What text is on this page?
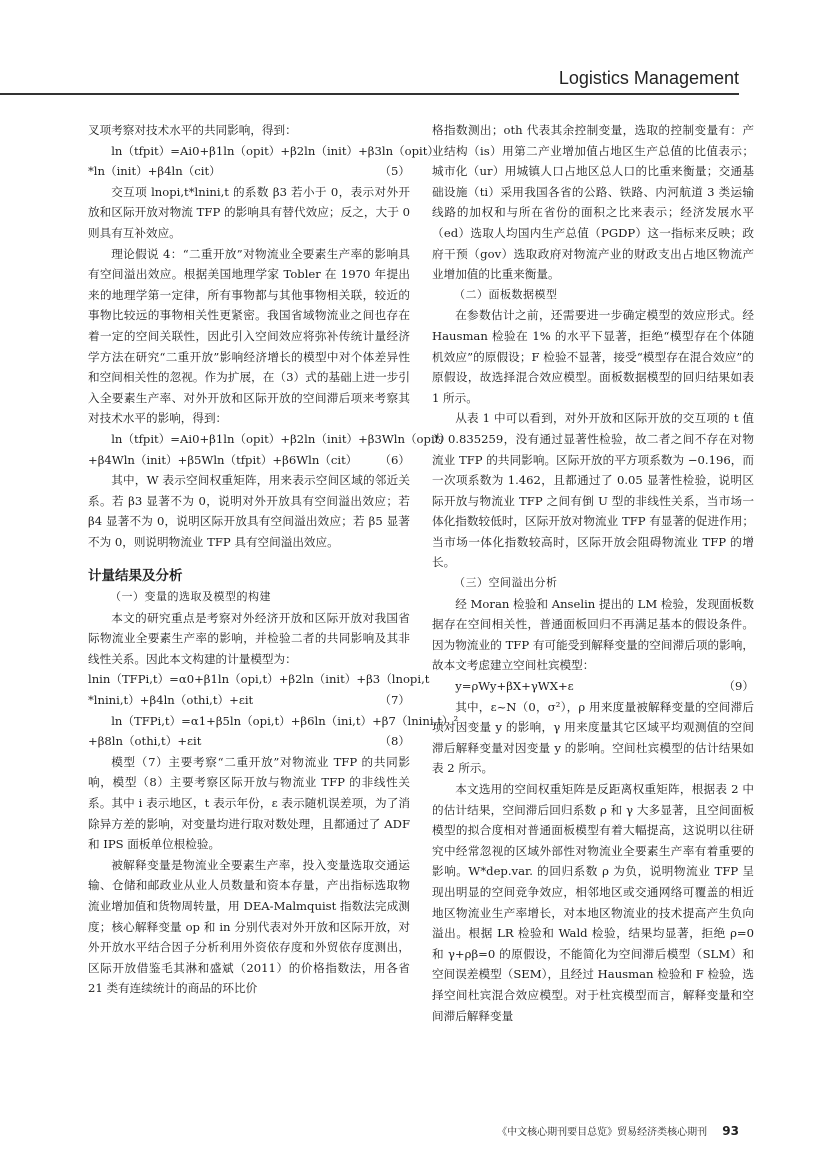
Logistics Management

叉项考察对技术水平的共同影响，得到：

ln（tfpit）=Ai0+β1ln（opit）+β2ln（init）+β3ln（opit）
*ln（init）+β4ln（cit）	（5）

交互项 lnopi,t*lnini,t 的系数 β3 若小于 0，表示对外开放和区际开放对物流 TFP 的影响具有替代效应；反之，大于 0 则具有互补效应。

理论假说 4：“二重开放”对物流业全要素生产率的影响具有空间溢出效应。根据美国地理学家 Tobler 在 1970 年提出来的地理学第一定律，所有事物都与其他事物相关联，较近的事物比较远的事物相关性更紧密。我国省域物流业之间也存在着一定的空间关联性，因此引入空间效应将弥补传统计量经济学方法在研究“二重开放”影响经济增长的模型中对个体差异性和空间相关性的忽视。作为扩展，在（3）式的基础上进一步引入全要素生产率、对外开放和区际开放的空间滞后项来考察其对技术水平的影响，得到：

ln（tfpit）=Ai0+β1ln（opit）+β2ln（init）+β3Wln（opit）
+β4Wln（init）+β5Wln（tfpit）+β6Wln（cit）	（6）

其中，W 表示空间权重矩阵，用来表示空间区域的邻近关系。若 β3 显著不为 0，说明对外开放具有空间溢出效应；若 β4 显著不为 0，说明区际开放具有空间溢出效应；若 β5 显著不为 0，则说明物流业 TFP 具有空间溢出效应。

计量结果及分析
（一）变量的选取及模型的构建

本文的研究重点是考察对外经济开放和区际开放对我国省际物流业全要素生产率的影响，并检验二者的共同影响及其非线性关系。因此本文构建的计量模型为：

lnin（TFPi,t）=α0+β1ln（opi,t）+β2ln（init）+β3（lnopi,t
*lnini,t）+β4ln（othi,t）+εit	（7）
ln（TFPi,t）=α1+β5ln（opi,t）+β6ln（ini,t）+β7（lnini,t）²
+β8ln（othi,t）+εit	（8）

模型（7）主要考察“二重开放”对物流业 TFP 的共同影响，模型（8）主要考察区际开放与物流业 TFP 的非线性关系。其中 i 表示地区，t 表示年份，ε 表示随机误差项，为了消除异方差的影响，对变量均进行取对数处理，且都通过了 ADF 和 IPS 面板单位根检验。

被解释变量是物流业全要素生产率，投入变量选取交通运输、仓储和邮政业从业人员数量和资本存量，产出指标选取物流业增加值和货物周转量，用 DEA-Malmquist 指数法完成测度；核心解释变量 op 和 in 分别代表对外开放和区际开放，对外开放水平结合因子分析利用外资依存度和外贸依存度测出，区际开放借鉴毛其淋和盛斌（2011）的价格指数法，用各省 21 类有连续统计的商品的环比价

格指数测出；oth 代表其余控制变量，选取的控制变量有：产业结构（is）用第二产业增加值占地区生产总值的比值表示；城市化（ur）用城镇人口占地区总人口的比重来衡量；交通基础设施（ti）采用我国各省的公路、铁路、内河航道 3 类运输线路的加权和与所在省份的面积之比来表示；经济发展水平（ed）选取人均国内生产总值（PGDP）这一指标来反映；政府干预（gov）选取政府对物流产业的财政支出占地区物流产业增加值的比重来衡量。

（二）面板数据模型

在参数估计之前，还需要进一步确定模型的效应形式。经 Hausman 检验在 1% 的水平下显著，拒绝“模型存在个体随机效应”的原假设；F 检验不显著，接受“模型存在混合效应”的原假设，故选择混合效应模型。面板数据模型的回归结果如表 1 所示。

从表 1 中可以看到，对外开放和区际开放的交互项的 t 值为 0.835259，没有通过显著性检验，故二者之间不存在对物流业 TFP 的共同影响。区际开放的平方项系数为 −0.196，而一次项系数为 1.462，且都通过了 0.05 显著性检验，说明区际开放与物流业 TFP 之间有倒 U 型的非线性关系，当市场一体化指数较低时，区际开放对物流业 TFP 有显著的促进作用；当市场一体化指数较高时，区际开放会阻碍物流业 TFP 的增长。

（三）空间溢出分析

经 Moran 检验和 Anselin 提出的 LM 检验，发现面板数据存在空间相关性，普通面板回归不再满足基本的假设条件。因为物流业的 TFP 有可能受到解释变量的空间滞后项的影响，故本文考虑建立空间杜宾模型：

y=ρWy+βX+γWX+ε	（9）

其中，ε~N（0，σ²），ρ 用来度量被解释变量的空间滞后项对因变量 y 的影响，γ 用来度量其它区域平均观测值的空间滞后解释变量对因变量 y 的影响。空间杜宾模型的估计结果如表 2 所示。

本文选用的空间权重矩阵是反距离权重矩阵，根据表 2 中的估计结果，空间滞后回归系数 ρ 和 γ 大多显著，且空间面板模型的拟合度相对普通面板模型有着大幅提高，这说明以往研究中经常忽视的区域外部性对物流业全要素生产率有着重要的影响。W*dep.var. 的回归系数 ρ 为负，说明物流业 TFP 呈现出明显的空间竞争效应，相邻地区或交通网络可覆盖的相近地区物流业生产率增长，对本地区物流业的技术提高产生负向溢出。根据 LR 检验和 Wald 检验，结果均显著，拒绝 ρ=0 和 γ+ρβ=0 的原假设，不能简化为空间滞后模型（SLM）和空间误差模型（SEM），且经过 Hausman 检验和 F 检验，选择空间杜宾混合效应模型。对于杜宾模型而言，解释变量和空间滞后解释变量

《中文核心期刊要目总览》贸易经济类核心期刊 93
